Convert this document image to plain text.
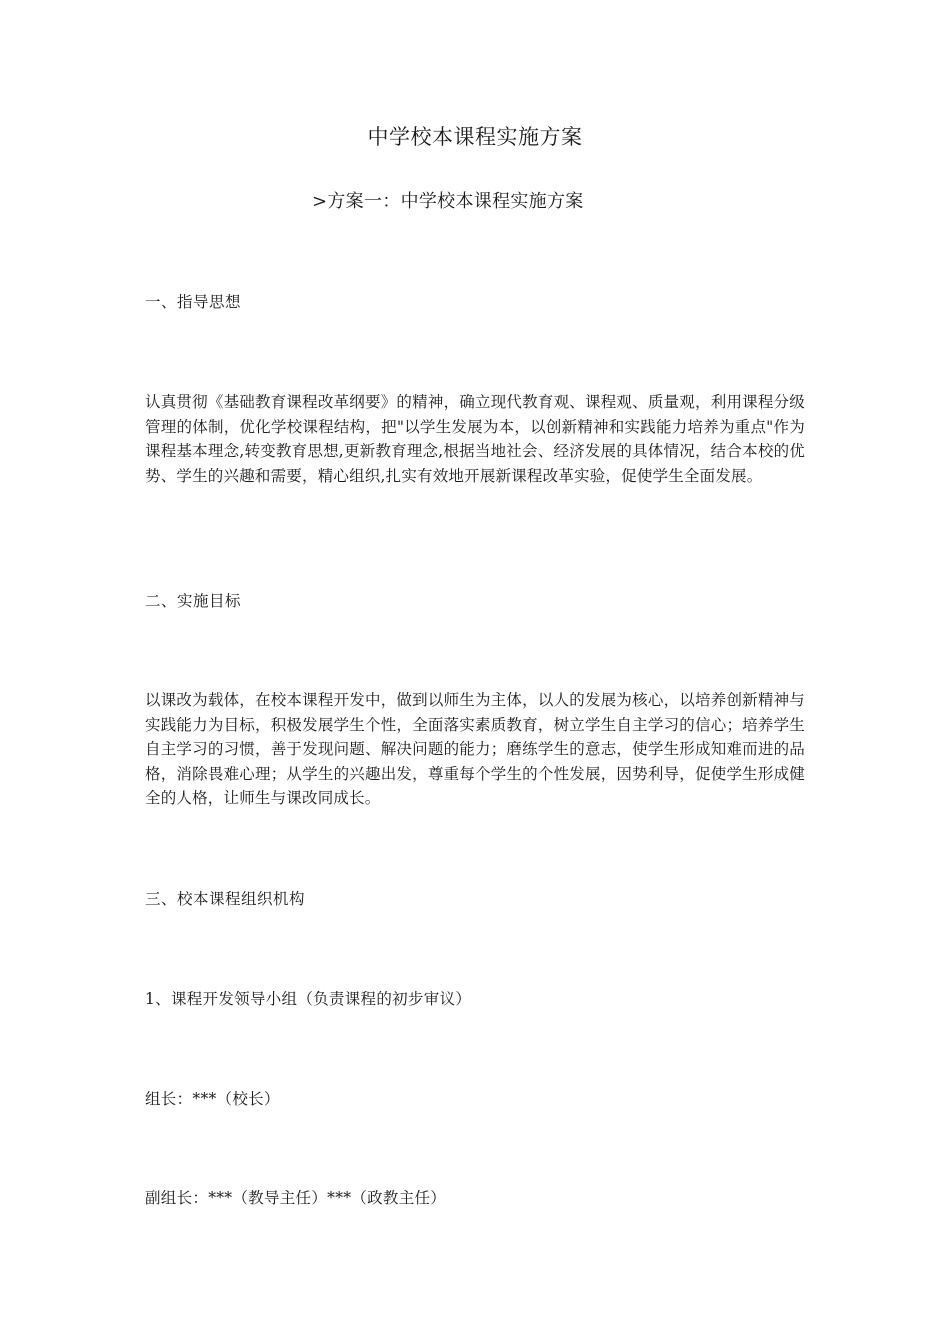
中学校本课程实施方案
>方案一：中学校本课程实施方案
一、指导思想
认真贯彻《基础教育课程改革纲要》的精神，确立现代教育观、课程观、质量观，利用课程分级管理的体制，优化学校课程结构，把"以学生发展为本，以创新精神和实践能力培养为重点"作为课程基本理念,转变教育思想,更新教育理念,根据当地社会、经济发展的具体情况，结合本校的优势、学生的兴趣和需要，精心组织,扎实有效地开展新课程改革实验，促使学生全面发展。
二、实施目标
以课改为载体，在校本课程开发中，做到以师生为主体，以人的发展为核心，以培养创新精神与实践能力为目标，积极发展学生个性，全面落实素质教育，树立学生自主学习的信心；培养学生自主学习的习惯，善于发现问题、解决问题的能力；磨练学生的意志，使学生形成知难而进的品格，消除畏难心理；从学生的兴趣出发，尊重每个学生的个性发展，因势利导，促使学生形成健全的人格，让师生与课改同成长。
三、校本课程组织机构
1、课程开发领导小组（负责课程的初步审议）
组长：***（校长）
副组长：***（教导主任）***（政教主任）
